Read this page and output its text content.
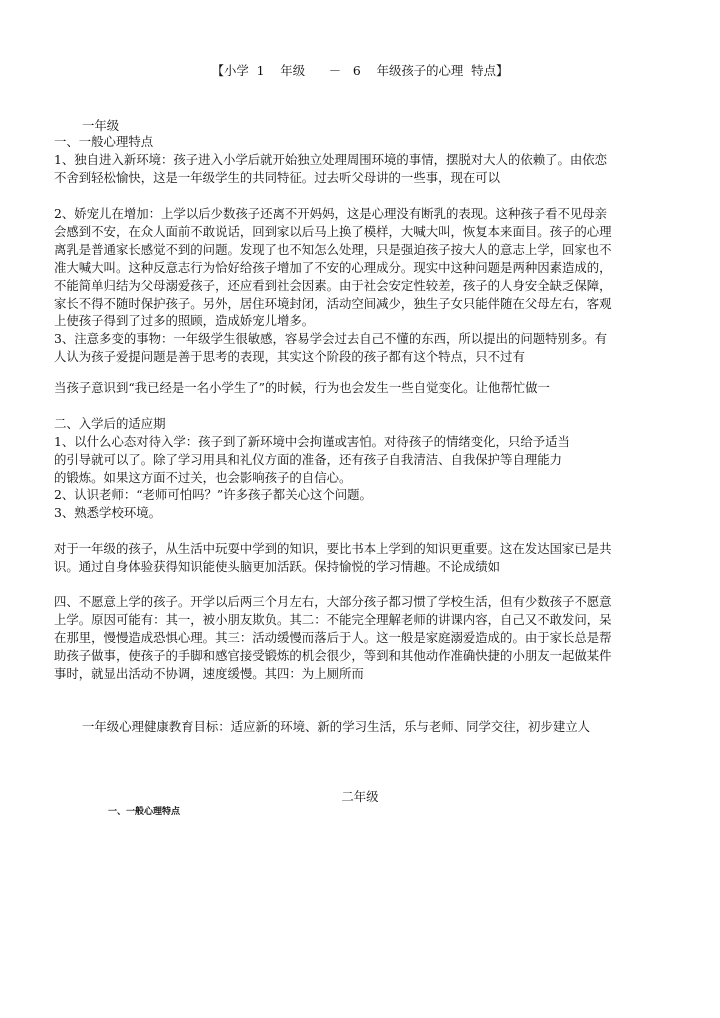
【小学  1    年级      －   6    年级孩子的心理  特点】
一年级
一、一般心理特点
1、独自进入新环境：孩子进入小学后就开始独立处理周围环境的事情，摆脱对大人的依赖了。由依恋
不舍到轻松愉快，这是一年级学生的共同特征。过去听父母讲的一些事，现在可以
2、娇宠儿在增加：上学以后少数孩子还离不开妈妈，这是心理没有断乳的表现。这种孩子看不见母亲
会感到不安，在众人面前不敢说话，回到家以后马上换了模样，大喊大叫，恢复本来面目。孩子的心理
离乳是普通家长感觉不到的问题。发现了也不知怎么处理，只是强迫孩子按大人的意志上学，回家也不
准大喊大叫。这种反意志行为恰好给孩子增加了不安的心理成分。现实中这种问题是两种因素造成的，
不能简单归结为父母溺爱孩子，还应看到社会因素。由于社会安定性较差，孩子的人身安全缺乏保障，
家长不得不随时保护孩子。另外，居住环境封闭，活动空间减少，独生子女只能伴随在父母左右，客观
上使孩子得到了过多的照顾，造成娇宠儿增多。
3、注意多变的事物：一年级学生很敏感，容易学会过去自己不懂的东西，所以提出的问题特别多。有
人认为孩子爱提问题是善于思考的表现，其实这个阶段的孩子都有这个特点，只不过有
当孩子意识到“我已经是一名小学生了”的时候，行为也会发生一些自觉变化。让他帮忙做一
二、入学后的适应期
1、以什么心态对待入学：孩子到了新环境中会拘谨或害怕。对待孩子的情绪变化，只给予适当
的引导就可以了。除了学习用具和礼仪方面的准备，还有孩子自我清洁、自我保护等自理能力
的锻炼。如果这方面不过关，也会影响孩子的自信心。
2、认识老师：“老师可怕吗？”许多孩子都关心这个问题。
3、熟悉学校环境。
对于一年级的孩子，从生活中玩耍中学到的知识，要比书本上学到的知识更重要。这在发达国家已是共
识。通过自身体验获得知识能使头脑更加活跃。保持愉悦的学习情趣。不论成绩如
四、不愿意上学的孩子。开学以后两三个月左右，大部分孩子都习惯了学校生活，但有少数孩子不愿意
上学。原因可能有：其一，被小朋友欺负。其二：不能完全理解老师的讲课内容，自己又不敢发问，呆
在那里，慢慢造成恐惧心理。其三：活动缓慢而落后于人。这一般是家庭溺爱造成的。由于家长总是帮
助孩子做事，使孩子的手脚和感官接受锻炼的机会很少，等到和其他动作准确快捷的小朋友一起做某件
事时，就显出活动不协调，速度缓慢。其四：为上厕所而
一年级心理健康教育目标：适应新的环境、新的学习生活，乐与老师、同学交往，初步建立人
二年级
一、一般心理特点
